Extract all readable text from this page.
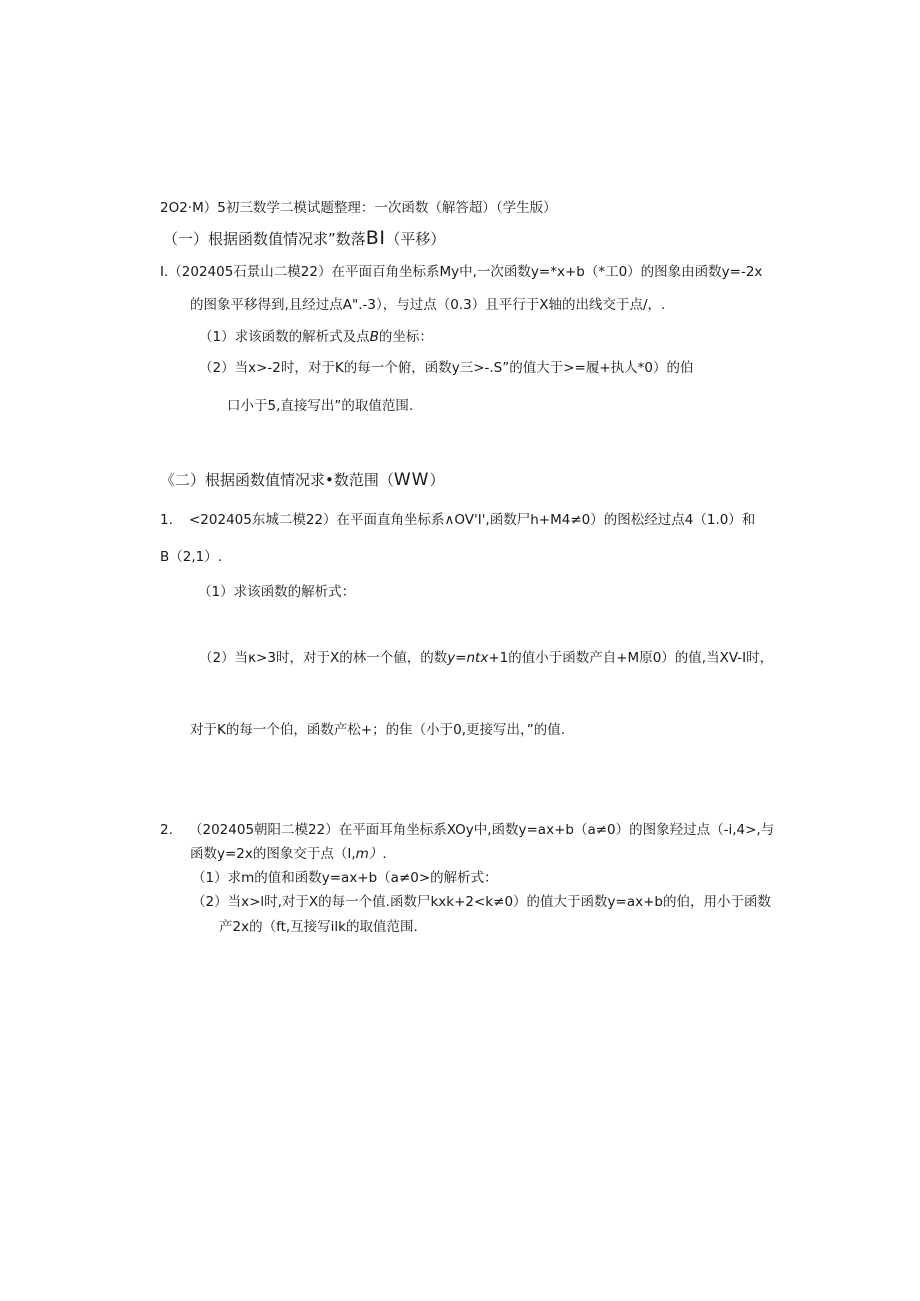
2O2·M）5初三数学二模试题整理：一次函数（解答超）（学生版）
（一）根据函数值情况求”数落BI（平移）
I.（202405石景山二模22）在平面百角坐标系My中,一次函数y=*x+b（*工0）的图象由函数y=-2x
的图象平移得到,且经过点A".-3），与过点（0.3）且平行于X轴的出线交于点/，.
（1）求该函数的解析式及点B的坐标：
（2）当x>-2时，对于K的每一个俯，函数y三>-.S”的值大于>=履+执人*0）的伯
口小于5,直接写出”的取值范围.
《二）根据函数值情况求•数范围（WW）
1. <202405东城二模22）在平面直角坐标系∧OV'I',函数尸h+M4≠0）的图松经过点4（1.0）和
B（2,1）.
（1）求该函数的解析式：
（2）当κ>3时，对于X的林一个値，的数y=ntx+1的值小于函数产自+M原0）的值,当XV-I时，
对于K的每一个伯，函数产松+；的隹（小于0,更接写出，”的值.
2. （202405朝阳二模22）在平面耳角坐标系XOy中,函数y=ax+b（a≠0）的图象羟过点（-i,4>,与
函数y=2x的图象交于点（I,m）.
（1）求m的值和函数y=ax+b（a≠0>的解析式：
（2）当x>l时,对于X的每一个值.函数尸kxk+2<k≠0）的值大于函数y=ax+b的伯，用小于函数
产2x的（ft,互接写ilk的取值范围.
